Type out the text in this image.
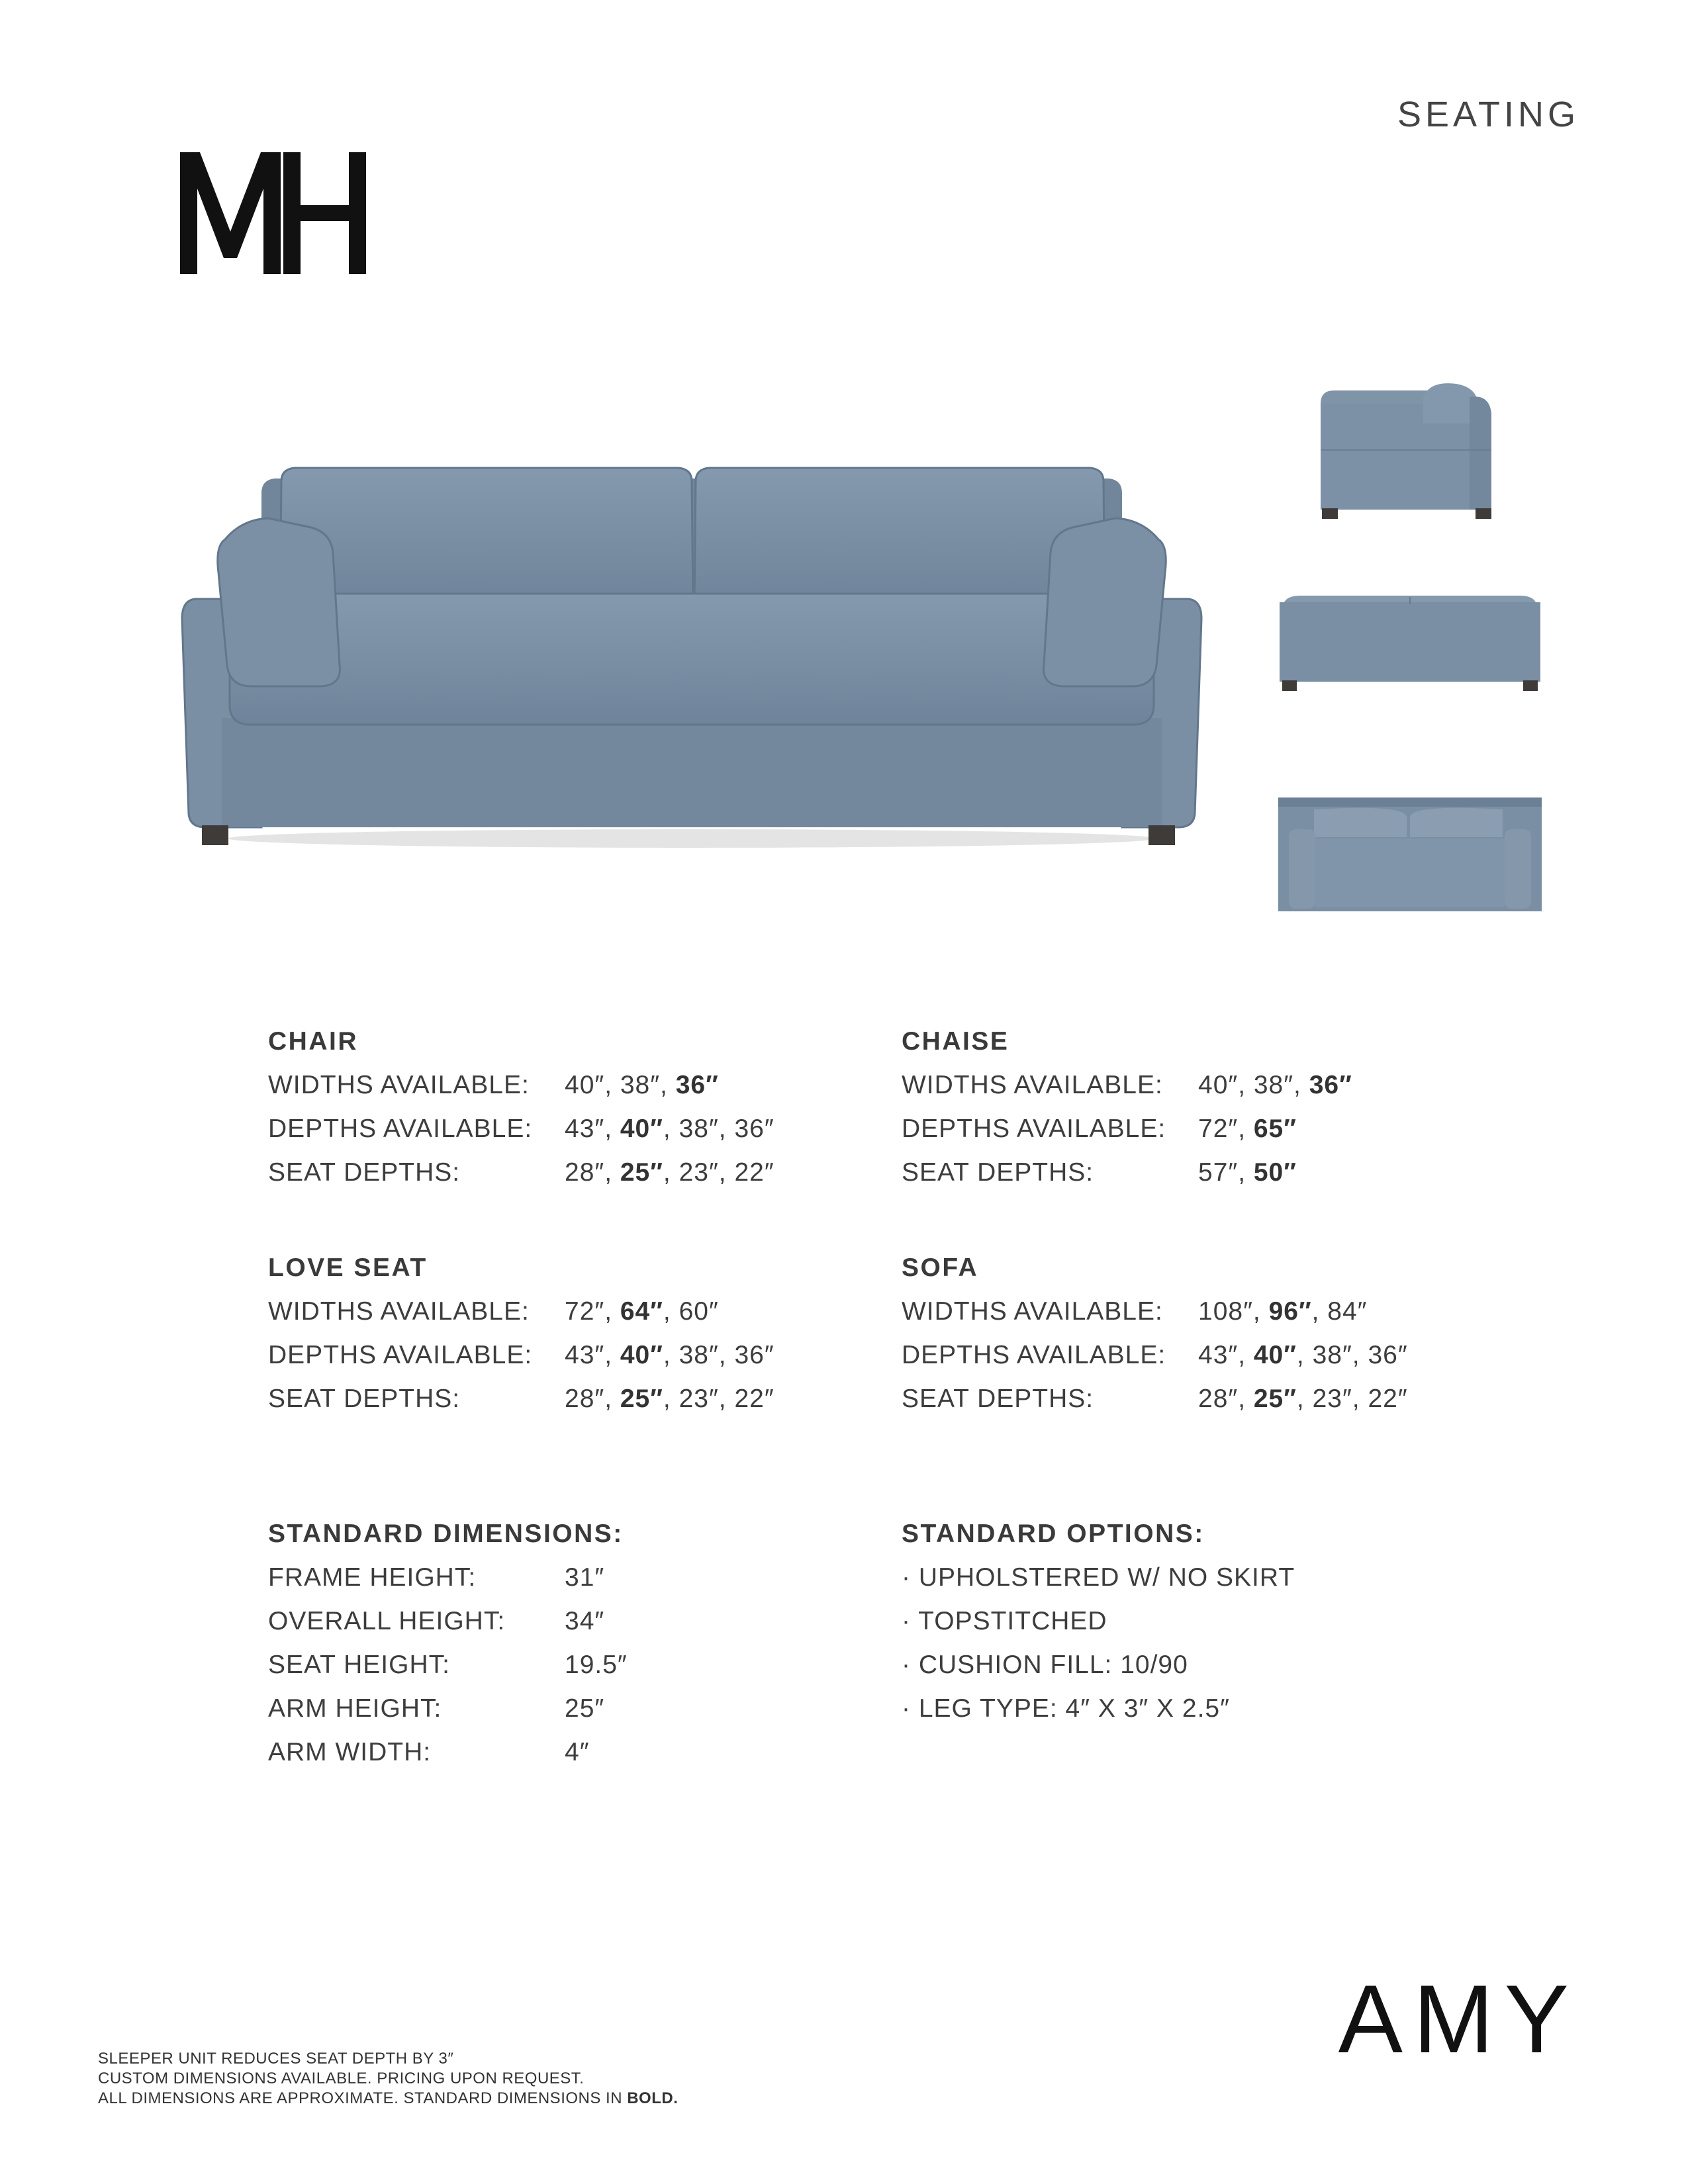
SEATING
CHAIR
WIDTHS AVAILABLE: 40″, 38″, 36″
DEPTHS AVAILABLE: 43″, 40″, 38″, 36″
SEAT DEPTHS:	28″, 25″, 23″, 22″
CHAISE
WIDTHS AVAILABLE: 40″, 38″, 36″
DEPTHS AVAILABLE: 72″, 65″
SEAT DEPTHS:	57″, 50″
LOVE SEAT
WIDTHS AVAILABLE: 72″, 64″, 60″
DEPTHS AVAILABLE: 43″, 40″, 38″, 36″
SEAT DEPTHS:	28″, 25″, 23″, 22″
SOFA
WIDTHS AVAILABLE: 108″, 96″, 84″
DEPTHS AVAILABLE: 43″, 40″, 38″, 36″
SEAT DEPTHS:	28″, 25″, 23″, 22″
STANDARD DIMENSIONS:
FRAME HEIGHT:	31″
OVERALL HEIGHT: 34″
SEAT HEIGHT:	19.5″
ARM HEIGHT:	25″
ARM WIDTH:	4″
STANDARD OPTIONS:
· UPHOLSTERED W/ NO SKIRT
· TOPSTITCHED
· CUSHION FILL: 10/90
· LEG TYPE: 4″ X 3″ X 2.5″
SLEEPER UNIT REDUCES SEAT DEPTH BY 3″
CUSTOM DIMENSIONS AVAILABLE. PRICING UPON REQUEST.
ALL DIMENSIONS ARE APPROXIMATE. STANDARD DIMENSIONS IN BOLD.
AMY
